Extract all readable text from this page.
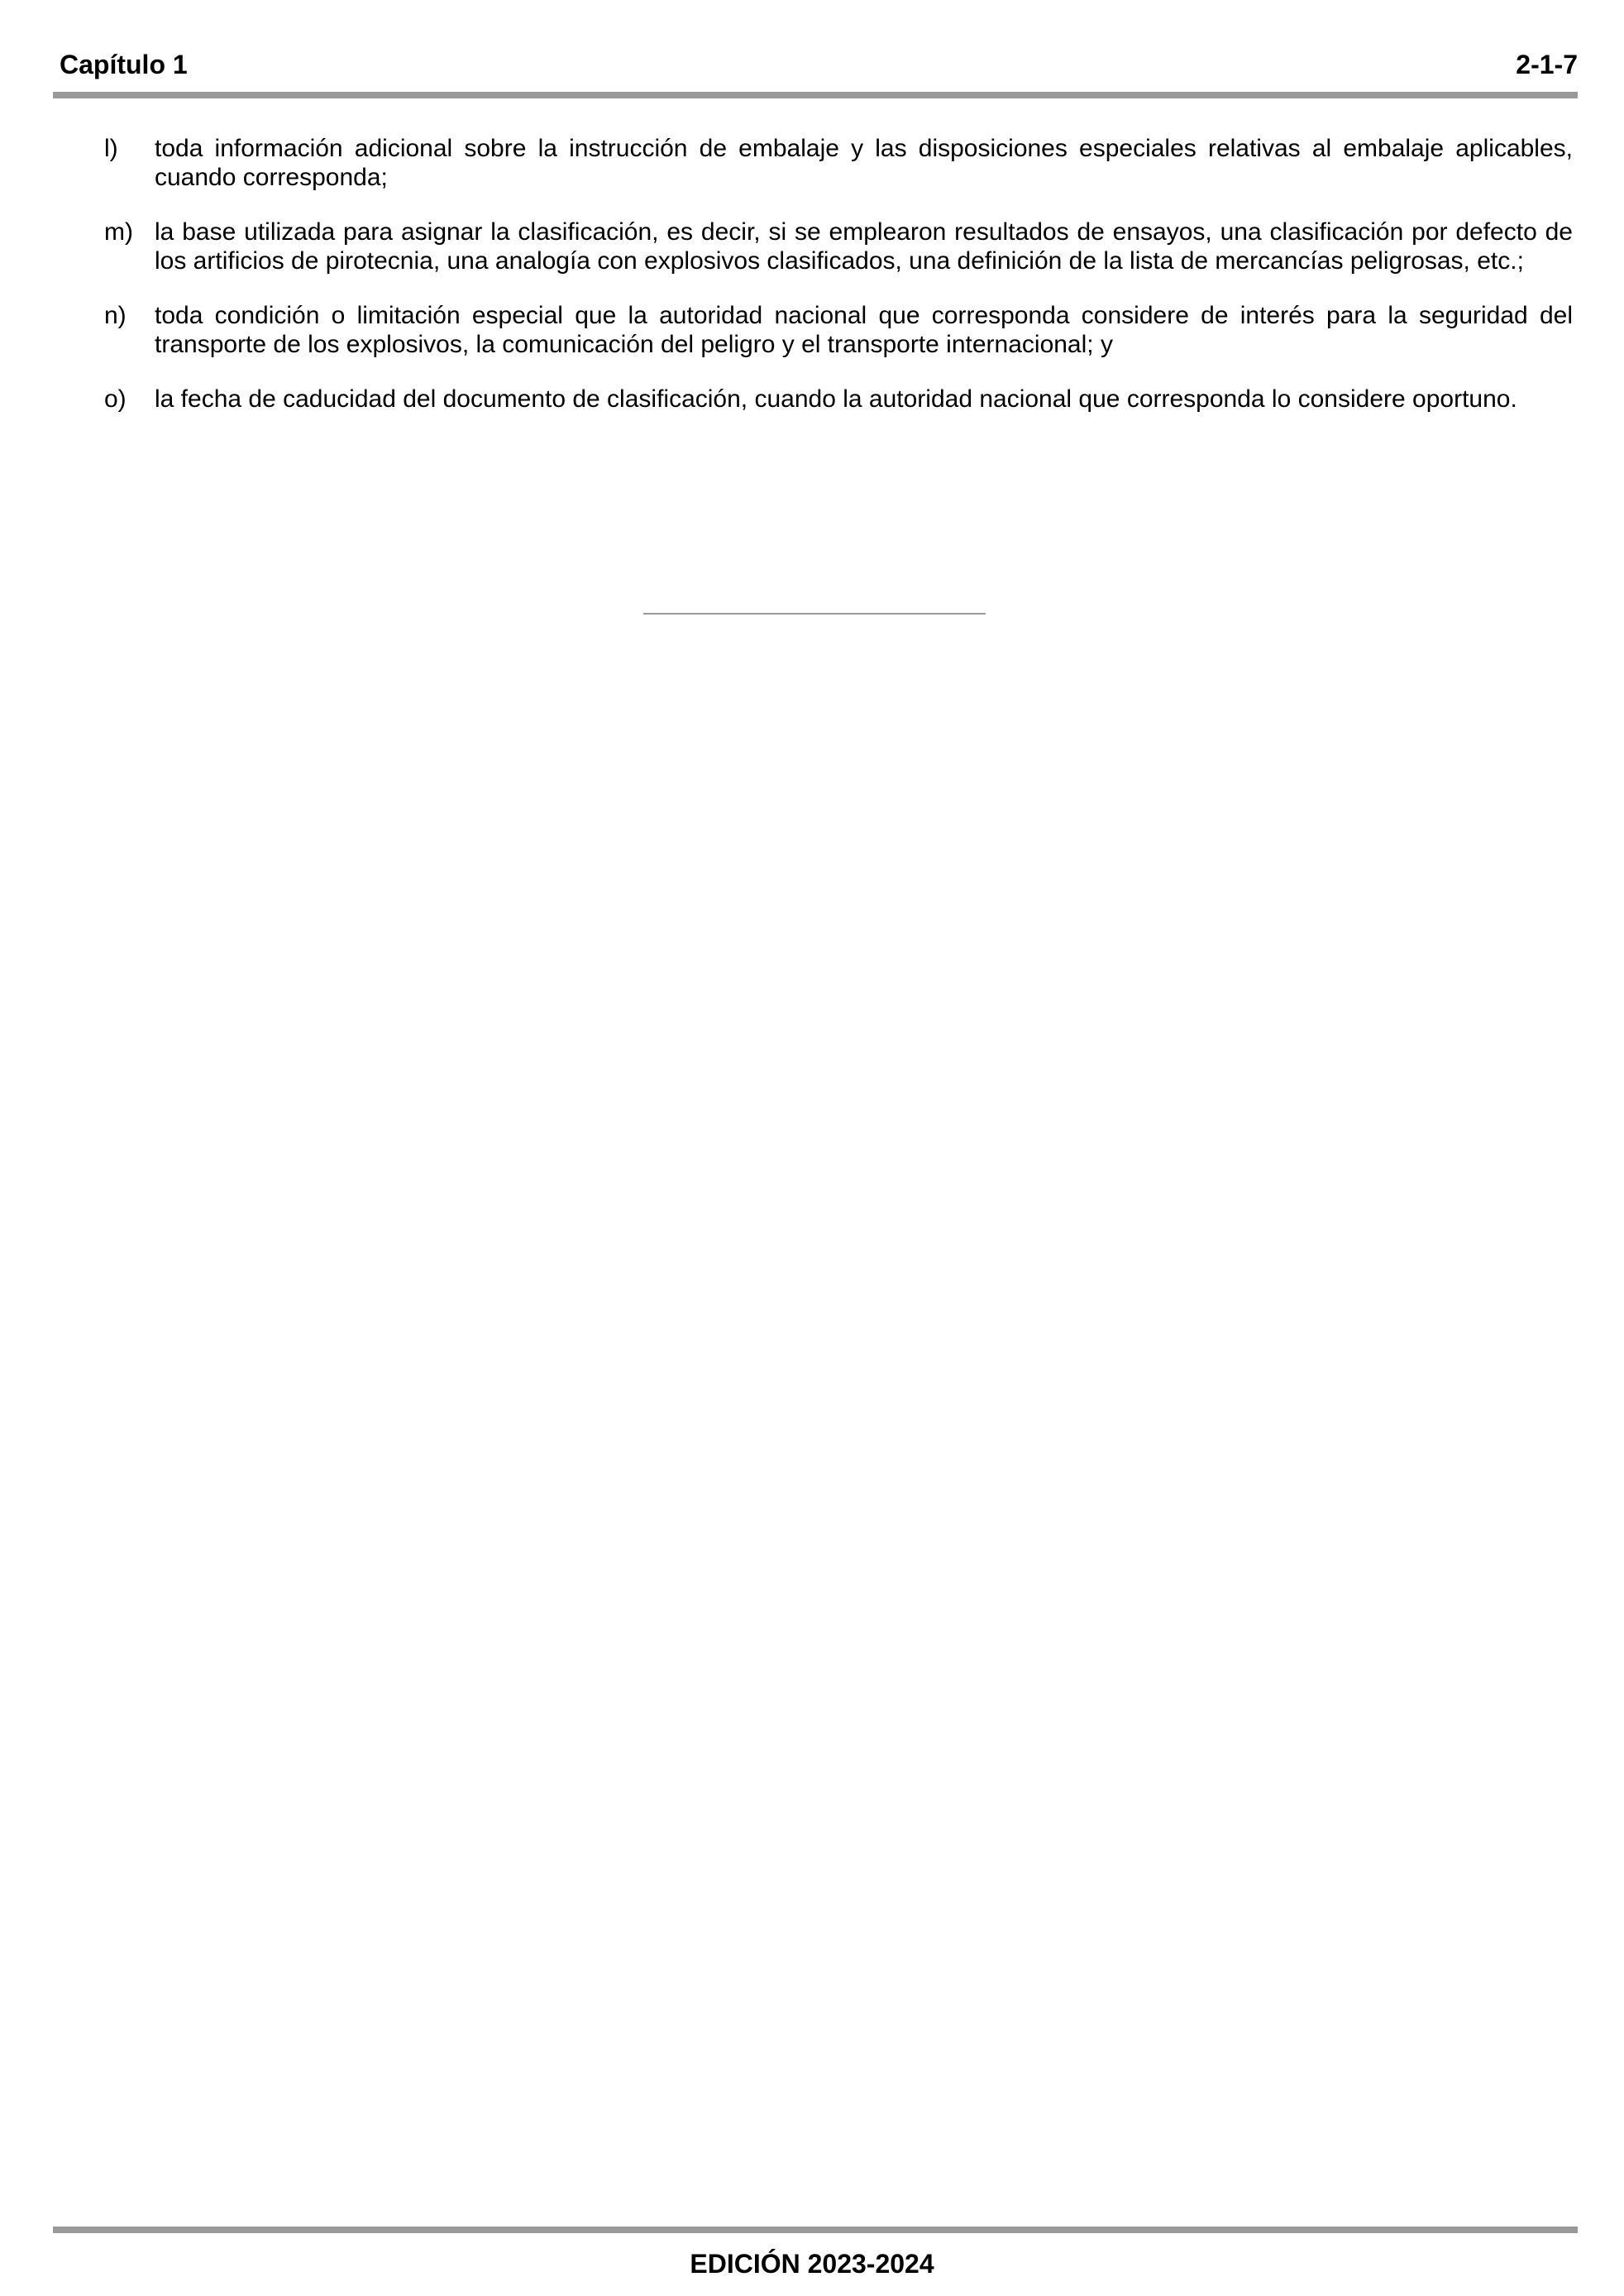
Capítulo 1	2-1-7
l)	toda información adicional sobre la instrucción de embalaje y las disposiciones especiales relativas al embalaje aplicables, cuando corresponda;
m) la base utilizada para asignar la clasificación, es decir, si se emplearon resultados de ensayos, una clasificación por defecto de los artificios de pirotecnia, una analogía con explosivos clasificados, una definición de la lista de mercancías peligrosas, etc.;
n)	toda condición o limitación especial que la autoridad nacional que corresponda considere de interés para la seguridad del transporte de los explosivos, la comunicación del peligro y el transporte internacional; y
o)	la fecha de caducidad del documento de clasificación, cuando la autoridad nacional que corresponda lo considere oportuno.
EDICIÓN 2023-2024
